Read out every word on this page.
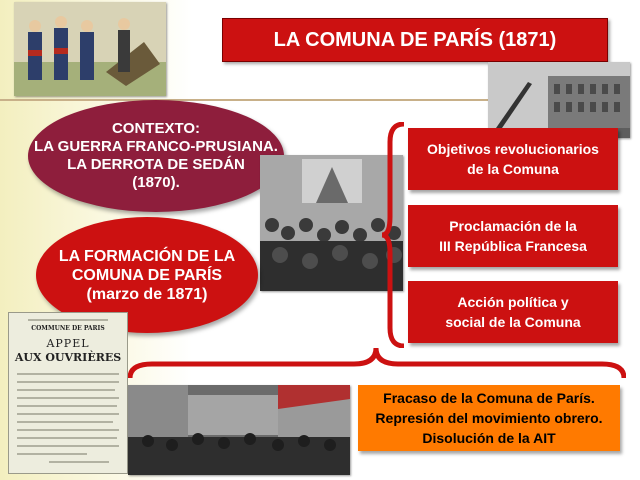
LA COMUNA DE PARÍS (1871)
CONTEXTO:
LA GUERRA FRANCO-PRUSIANA.
LA DERROTA DE SEDÁN
(1870).
LA FORMACIÓN DE LA
COMUNA DE PARÍS
(marzo de 1871)
Objetivos revolucionarios
de la Comuna
Proclamación de la
III República Francesa
Acción política y
social de la Comuna
COMMUNE DE PARIS
APPEL
AUX OUVRIÈRES
Fracaso de la Comuna de París.
Represión del movimiento obrero.
Disolución de la AIT
